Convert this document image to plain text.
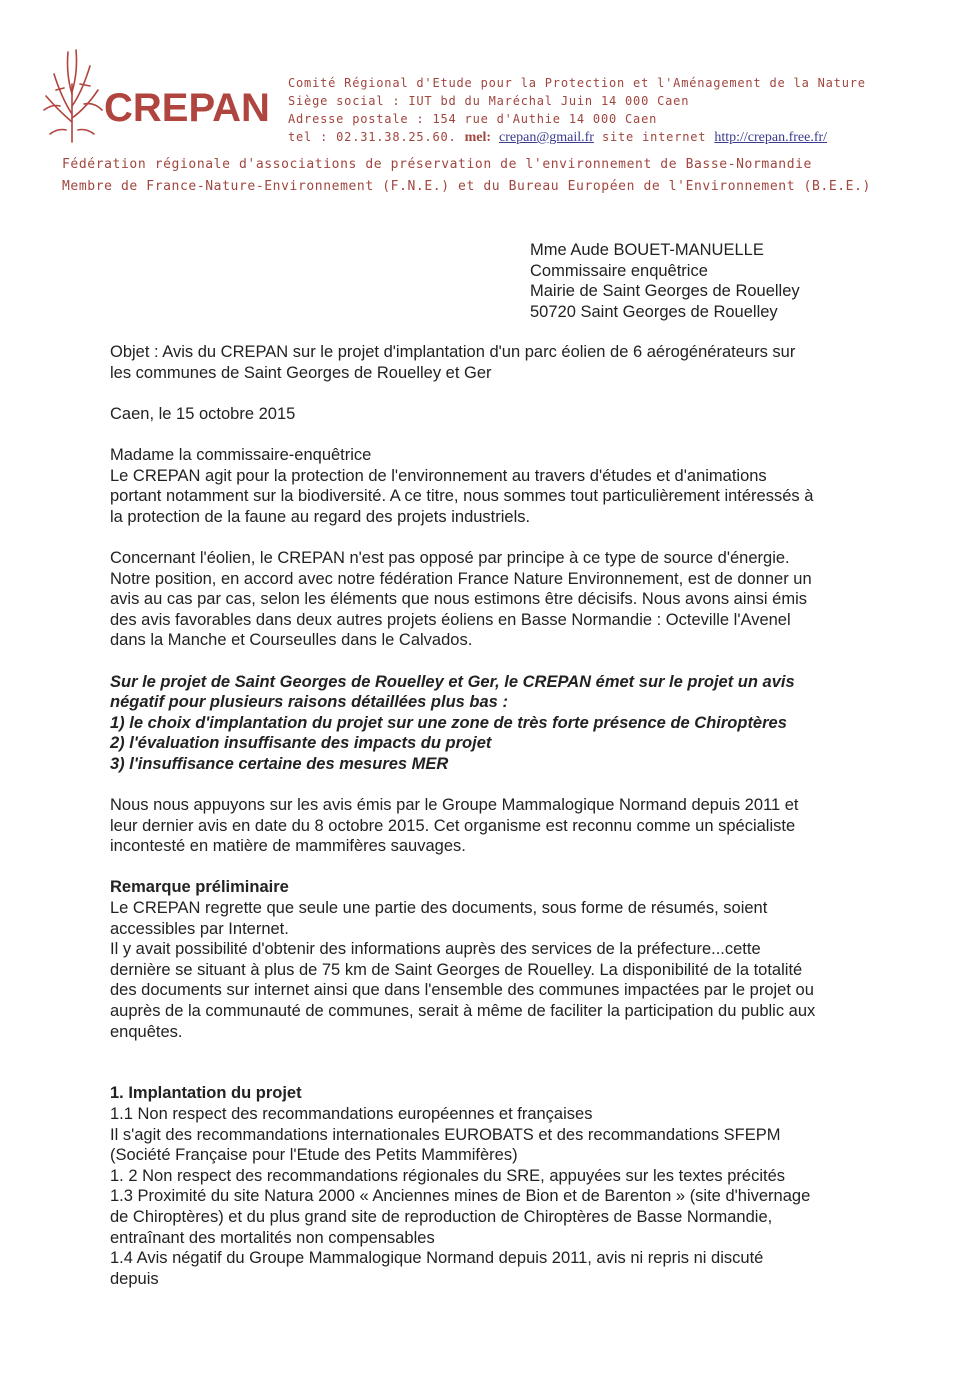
CREPAN
Comité Régional d'Etude pour la Protection et l'Aménagement de la Nature
Siège social : IUT bd du Maréchal Juin 14 000 Caen
Adresse postale : 154 rue d'Authie 14 000 Caen
tel : 02.31.38.25.60. mel: crepan@gmail.fr site internet http://crepan.free.fr/
Fédération régionale d'associations de préservation de l'environnement de Basse-Normandie
Membre de France-Nature-Environnement (F.N.E.) et du Bureau Européen de l'Environnement (B.E.E.)
Mme Aude BOUET-MANUELLE
Commissaire enquêtrice
Mairie de Saint Georges de Rouelley
50720 Saint Georges de Rouelley
Objet : Avis du CREPAN sur le projet d'implantation d'un parc éolien de 6 aérogénérateurs sur
les communes de Saint Georges de Rouelley et Ger
Caen, le 15 octobre 2015
Madame la commissaire-enquêtrice
Le CREPAN agit pour la protection de l'environnement au travers d'études et d'animations
portant notamment sur la biodiversité. A ce titre, nous sommes tout particulièrement intéressés à
la protection de la faune au regard des projets industriels.
Concernant l'éolien, le CREPAN n'est pas opposé par principe à ce type de source d'énergie.
Notre position, en accord avec notre fédération France Nature Environnement, est de donner un
avis au cas par cas, selon les éléments que nous estimons être décisifs. Nous avons ainsi émis
des avis favorables dans deux autres projets éoliens en Basse Normandie : Octeville l'Avenel
dans la Manche et Courseulles dans le Calvados.
Sur le projet de Saint Georges de Rouelley et Ger, le CREPAN émet sur le projet un avis
négatif pour plusieurs raisons détaillées plus bas :
1) le choix d'implantation du projet sur une zone de très forte présence de Chiroptères
2) l'évaluation insuffisante des impacts du projet
3) l'insuffisance certaine des mesures MER
Nous nous appuyons sur les avis émis par le Groupe Mammalogique Normand depuis 2011 et
leur dernier avis en date du 8 octobre 2015. Cet organisme est reconnu comme un spécialiste
incontesté en matière de mammifères sauvages.
Remarque préliminaire
Le CREPAN regrette que seule une partie des documents, sous forme de résumés, soient
accessibles par Internet.
Il y avait possibilité d'obtenir des informations auprès des services de la préfecture...cette
dernière se situant à plus de 75 km de Saint Georges de Rouelley. La disponibilité de la totalité
des documents sur internet ainsi que dans l'ensemble des communes impactées par le projet ou
auprès de la communauté de communes, serait à même de faciliter la participation du public aux
enquêtes.
1. Implantation du projet
1.1 Non respect des recommandations européennes et françaises
Il s'agit des recommandations internationales EUROBATS et des recommandations SFEPM
(Société Française pour l'Etude des Petits Mammifères)
1. 2 Non respect des recommandations régionales du SRE, appuyées sur les textes précités
1.3 Proximité du site Natura 2000 « Anciennes mines de Bion et de Barenton » (site d'hivernage
de Chiroptères) et du plus grand site de reproduction de Chiroptères de Basse Normandie,
entraînant des mortalités non compensables
1.4 Avis négatif du Groupe Mammalogique Normand depuis 2011, avis ni repris ni discuté
depuis
